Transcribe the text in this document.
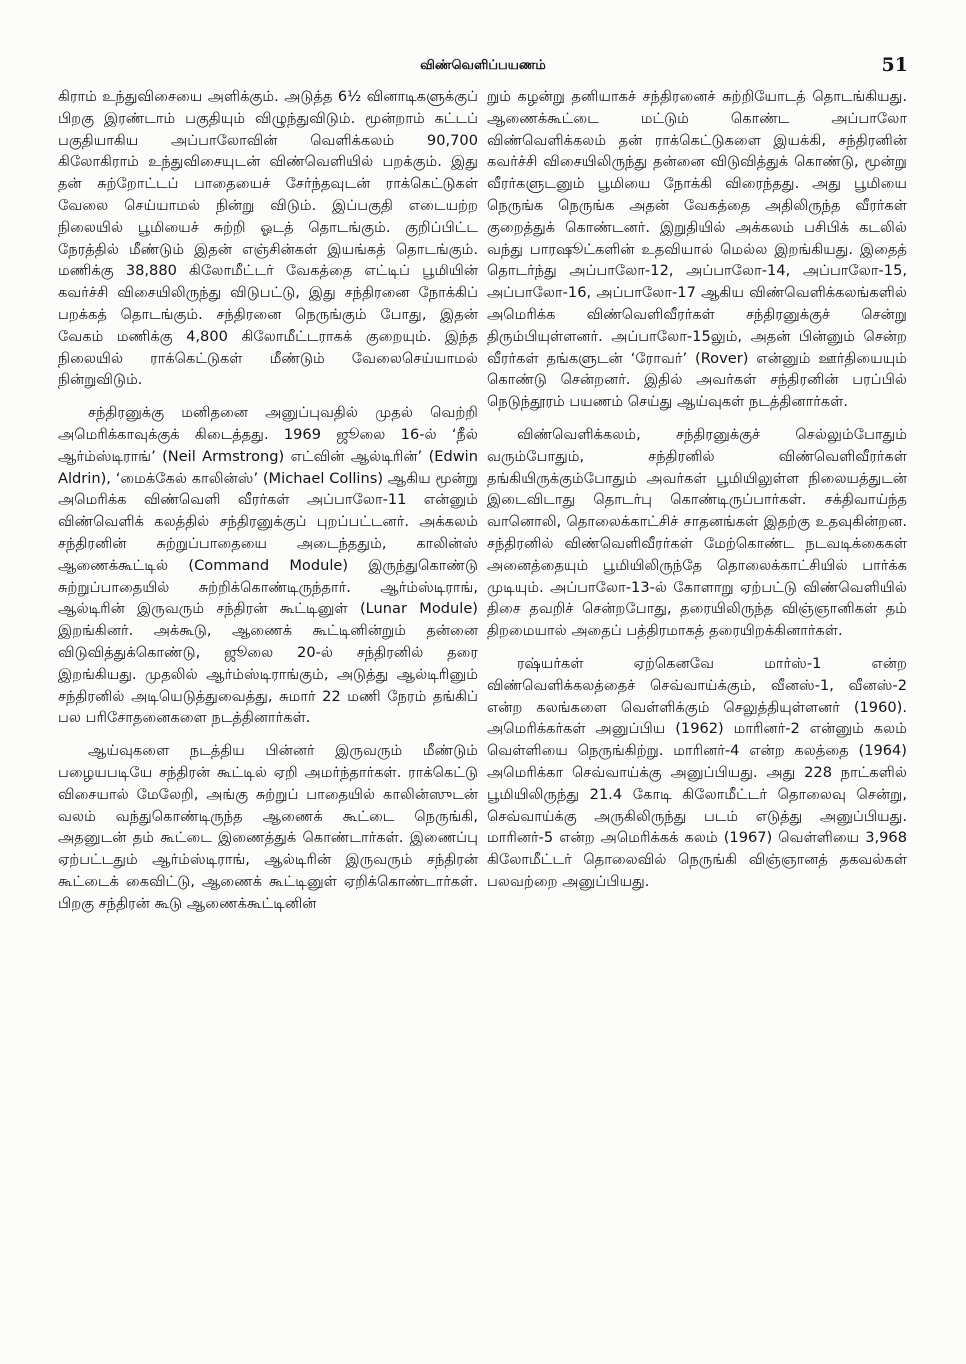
விண்வெளிப்பயணம்	51

கிராம் உந்துவிசையை அளிக்கும். அடுத்த 6½ வினாடிகளுக்குப் பிறகு இரண்டாம் பகுதியும் விழுந்துவிடும். மூன்றாம் கட்டப் பகுதியாகிய அப்பாலோவின் வெளிக்கலம் 90,700 கிலோகிராம் உந்துவிசையுடன் விண்வெளியில் பறக்கும். இது தன் சுற்றோட்டப் பாதையைச் சேர்ந்தவுடன் ராக்கெட்டுகள் வேலை செய்யாமல் நின்று விடும். இப்பகுதி எடையற்ற நிலையில் பூமியைச் சுற்றி ஓடத் தொடங்கும். குறிப்பிட்ட நேரத்தில் மீண்டும் இதன் எஞ்சின்கள் இயங்கத் தொடங்கும். மணிக்கு 38,880 கிலோமீட்டர் வேகத்தை எட்டிப் பூமியின் கவர்ச்சி விசையிலிருந்து விடுபட்டு, இது சந்திரனை நோக்கிப் பறக்கத் தொடங்கும். சந்திரனை நெருங்கும் போது, இதன் வேகம் மணிக்கு 4,800 கிலோமீட்டராகக் குறையும். இந்த நிலையில் ராக்கெட்டுகள் மீண்டும் வேலைசெய்யாமல் நின்றுவிடும்.

சந்திரனுக்கு மனிதனை அனுப்புவதில் முதல் வெற்றி அமெரிக்காவுக்குக் கிடைத்தது. 1969 ஜூலை 16-ல் ‘நீல் ஆர்ம்ஸ்டிராங்’ (Neil Armstrong) எட்வின் ஆல்டிரின்’ (Edwin Aldrin), ‘மைக்கேல் காலின்ஸ்’ (Michael Collins) ஆகிய மூன்று அமெரிக்க விண்வெளி வீரர்கள் அப்பாலோ-11 என்னும் விண்வெளிக் கலத்தில் சந்திரனுக்குப் புறப்பட்டனர். அக்கலம் சந்திரனின் சுற்றுப்பாதையை அடைந்ததும், காலின்ஸ் ஆணைக்கூட்டில் (Command Module) இருந்துகொண்டு சுற்றுப்பாதையில் சுற்றிக்கொண்டிருந்தார். ஆர்ம்ஸ்டிராங், ஆல்டிரின் இருவரும் சந்திரன் கூட்டினுள் (Lunar Module) இறங்கினர். அக்கூடு, ஆணைக் கூட்டினின்றும் தன்னை விடுவித்துக்கொண்டு, ஜூலை 20-ல் சந்திரனில் தரை இறங்கியது. முதலில் ஆர்ம்ஸ்டிராங்கும், அடுத்து ஆல்டிரினும் சந்திரனில் அடியெடுத்துவைத்து, சுமார் 22 மணி நேரம் தங்கிப் பல பரிசோதனைகளை நடத்தினார்கள்.

ஆய்வுகளை நடத்திய பின்னர் இருவரும் மீண்டும் பழையபடியே சந்திரன் கூட்டில் ஏறி அமர்ந்தார்கள். ராக்கெட்டு விசையால் மேலேறி, அங்கு சுற்றுப் பாதையில் காலின்ஸுடன் வலம் வந்துகொண்டிருந்த ஆணைக் கூட்டை நெருங்கி, அதனுடன் தம் கூட்டை இணைத்துக் கொண்டார்கள். இணைப்பு ஏற்பட்டதும் ஆர்ம்ஸ்டிராங், ஆல்டிரின் இருவரும் சந்திரன் கூட்டைக் கைவிட்டு, ஆணைக் கூட்டினுள் ஏறிக்கொண்டார்கள். பிறகு சந்திரன் கூடு ஆணைக்கூட்டினின்

றும் கழன்று தனியாகச் சந்திரனைச் சுற்றியோடத் தொடங்கியது. ஆணைக்கூட்டை மட்டும் கொண்ட அப்பாலோ விண்வெளிக்கலம் தன் ராக்கெட்டுகளை இயக்கி, சந்திரனின் கவர்ச்சி விசையிலிருந்து தன்னை விடுவித்துக் கொண்டு, மூன்று வீரர்களுடனும் பூமியை நோக்கி விரைந்தது. அது பூமியை நெருங்க நெருங்க அதன் வேகத்தை அதிலிருந்த வீரர்கள் குறைத்துக் கொண்டனர். இறுதியில் அக்கலம் பசிபிக் கடலில் வந்து பாரஷூட்களின் உதவியால் மெல்ல இறங்கியது. இதைத் தொடர்ந்து அப்பாலோ-12, அப்பாலோ-14, அப்பாலோ-15, அப்பாலோ-16, அப்பாலோ-17 ஆகிய விண்வெளிக்கலங்களில் அமெரிக்க விண்வெளிவீரர்கள் சந்திரனுக்குச் சென்று திரும்பியுள்ளனர். அப்பாலோ-15லும், அதன் பின்னும் சென்ற வீரர்கள் தங்களுடன் ‘ரோவர்’ (Rover) என்னும் ஊர்தியையும் கொண்டு சென்றனர். இதில் அவர்கள் சந்திரனின் பரப்பில் நெடுந்தூரம் பயணம் செய்து ஆய்வுகள் நடத்தினார்கள்.

விண்வெளிக்கலம், சந்திரனுக்குச் செல்லும்போதும் வரும்போதும், சந்திரனில் விண்வெளிவீரர்கள் தங்கியிருக்கும்போதும் அவர்கள் பூமியிலுள்ள நிலையத்துடன் இடைவிடாது தொடர்பு கொண்டிருப்பார்கள். சக்திவாய்ந்த வானொலி, தொலைக்காட்சிச் சாதனங்கள் இதற்கு உதவுகின்றன. சந்திரனில் விண்வெளிவீரர்கள் மேற்கொண்ட நடவடிக்கைகள் அனைத்தையும் பூமியிலிருந்தே தொலைக்காட்சியில் பார்க்க முடியும். அப்பாலோ-13-ல் கோளாறு ஏற்பட்டு விண்வெளியில் திசை தவறிச் சென்றபோது, தரையிலிருந்த விஞ்ஞானிகள் தம் திறமையால் அதைப் பத்திரமாகத் தரையிறக்கினார்கள்.

ரஷ்யர்கள் ஏற்கெனவே மார்ஸ்-1 என்ற விண்வெளிக்கலத்தைச் செவ்வாய்க்கும், வீனஸ்-1, வீனஸ்-2 என்ற கலங்களை வெள்ளிக்கும் செலுத்தியுள்ளனர் (1960). அமெரிக்கர்கள் அனுப்பிய (1962) மாரினர்-2 என்னும் கலம் வெள்ளியை நெருங்கிற்று. மாரினர்-4 என்ற கலத்தை (1964) அமெரிக்கா செவ்வாய்க்கு அனுப்பியது. அது 228 நாட்களில் பூமியிலிருந்து 21.4 கோடி கிலோமீட்டர் தொலைவு சென்று, செவ்வாய்க்கு அருகிலிருந்து படம் எடுத்து அனுப்பியது. மாரினர்-5 என்ற அமெரிக்கக் கலம் (1967) வெள்ளியை 3,968 கிலோமீட்டர் தொலைவில் நெருங்கி விஞ்ஞானத் தகவல்கள் பலவற்றை அனுப்பியது.
